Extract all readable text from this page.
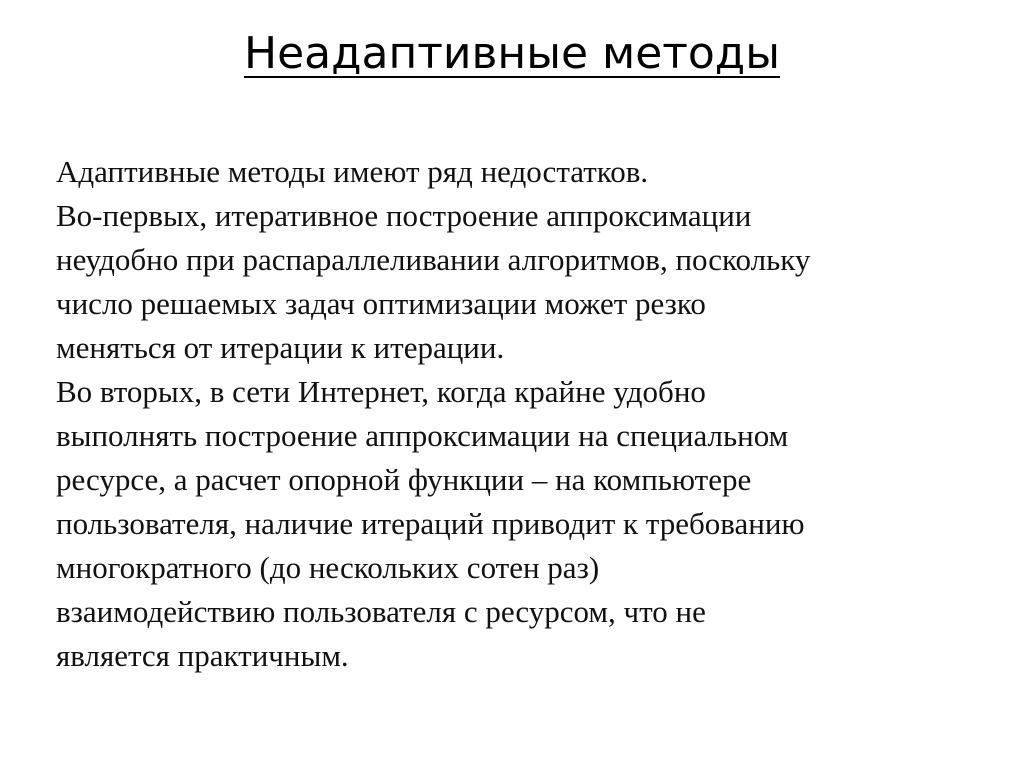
Неадаптивные методы
Адаптивные методы имеют ряд недостатков.
Во-первых, итеративное построение аппроксимации
неудобно при распараллеливании алгоритмов, поскольку
число решаемых задач оптимизации может резко
меняться от итерации к итерации.
Во вторых, в сети Интернет, когда крайне удобно
выполнять построение аппроксимации на специальном
ресурсе, а расчет опорной функции – на компьютере
пользователя, наличие итераций приводит к требованию
многократного (до нескольких сотен раз)
взаимодействию пользователя с ресурсом, что не
является практичным.
